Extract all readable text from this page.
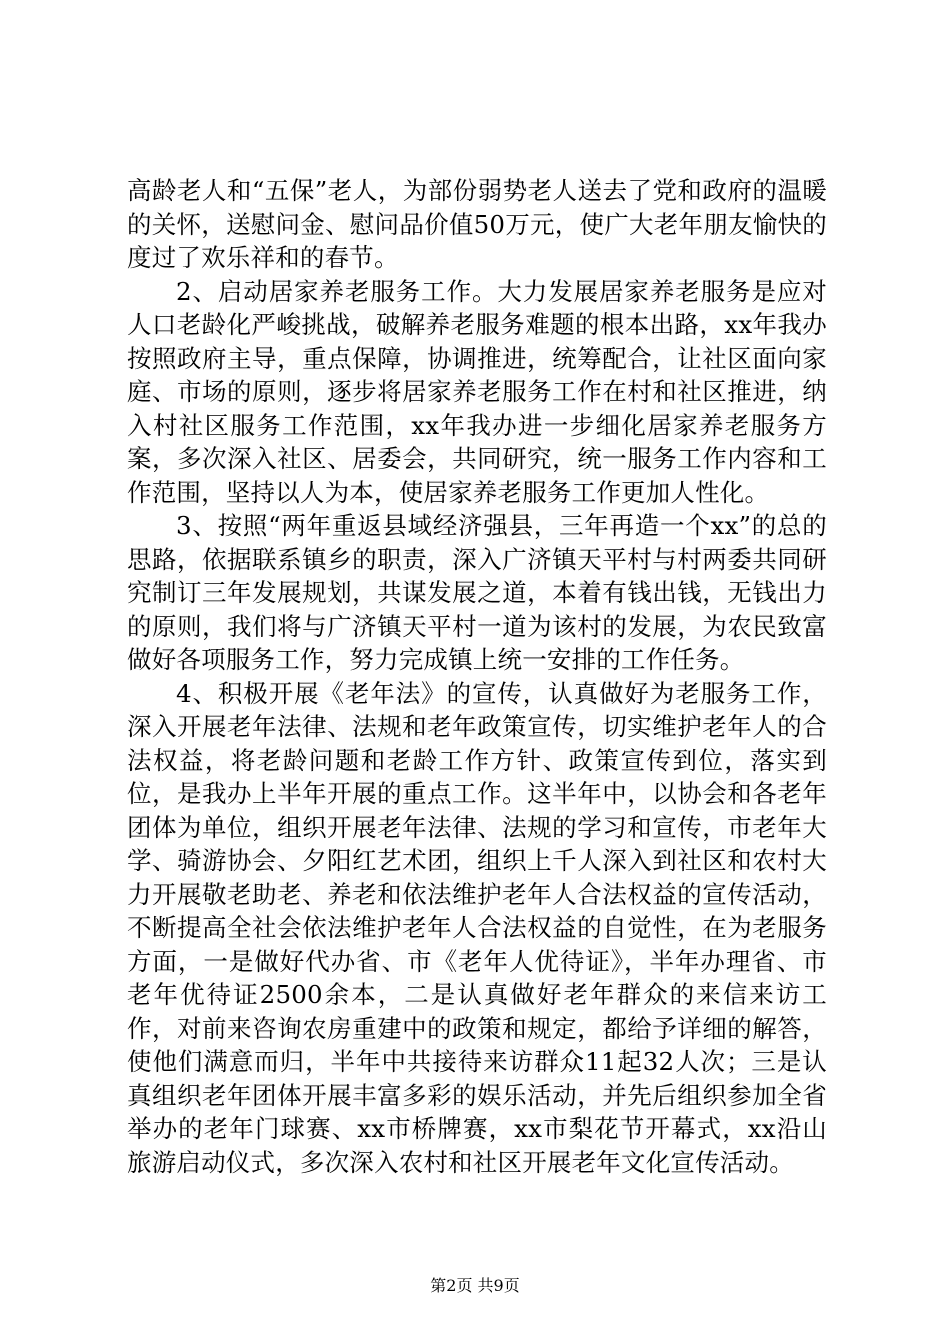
高龄老人和“五保”老人，为部份弱势老人送去了党和政府的温暖的关怀，送慰问金、慰问品价值50万元，使广大老年朋友愉快的度过了欢乐祥和的春节。

2、启动居家养老服务工作。大力发展居家养老服务是应对人口老龄化严峻挑战，破解养老服务难题的根本出路，xx年我办按照政府主导，重点保障，协调推进，统筹配合，让社区面向家庭、市场的原则，逐步将居家养老服务工作在村和社区推进，纳入村社区服务工作范围，xx年我办进一步细化居家养老服务方案，多次深入社区、居委会，共同研究，统一服务工作内容和工作范围，坚持以人为本，使居家养老服务工作更加人性化。

3、按照“两年重返县域经济强县，三年再造一个xx”的总的思路，依据联系镇乡的职责，深入广济镇天平村与村两委共同研究制订三年发展规划，共谋发展之道，本着有钱出钱，无钱出力的原则，我们将与广济镇天平村一道为该村的发展，为农民致富做好各项服务工作，努力完成镇上统一安排的工作任务。

4、积极开展《老年法》的宣传，认真做好为老服务工作，深入开展老年法律、法规和老年政策宣传，切实维护老年人的合法权益，将老龄问题和老龄工作方针、政策宣传到位，落实到位，是我办上半年开展的重点工作。这半年中，以协会和各老年团体为单位，组织开展老年法律、法规的学习和宣传，市老年大学、骑游协会、夕阳红艺术团，组织上千人深入到社区和农村大力开展敬老助老、养老和依法维护老年人合法权益的宣传活动，不断提高全社会依法维护老年人合法权益的自觉性，在为老服务方面，一是做好代办省、市《老年人优待证》，半年办理省、市老年优待证2500余本，二是认真做好老年群众的来信来访工作，对前来咨询农房重建中的政策和规定，都给予详细的解答，使他们满意而归，半年中共接待来访群众11起32人次；三是认真组织老年团体开展丰富多彩的娱乐活动，并先后组织参加全省举办的老年门球赛、xx市桥牌赛，xx市梨花节开幕式，xx沿山旅游启动仪式，多次深入农村和社区开展老年文化宣传活动。

第2页 共9页
